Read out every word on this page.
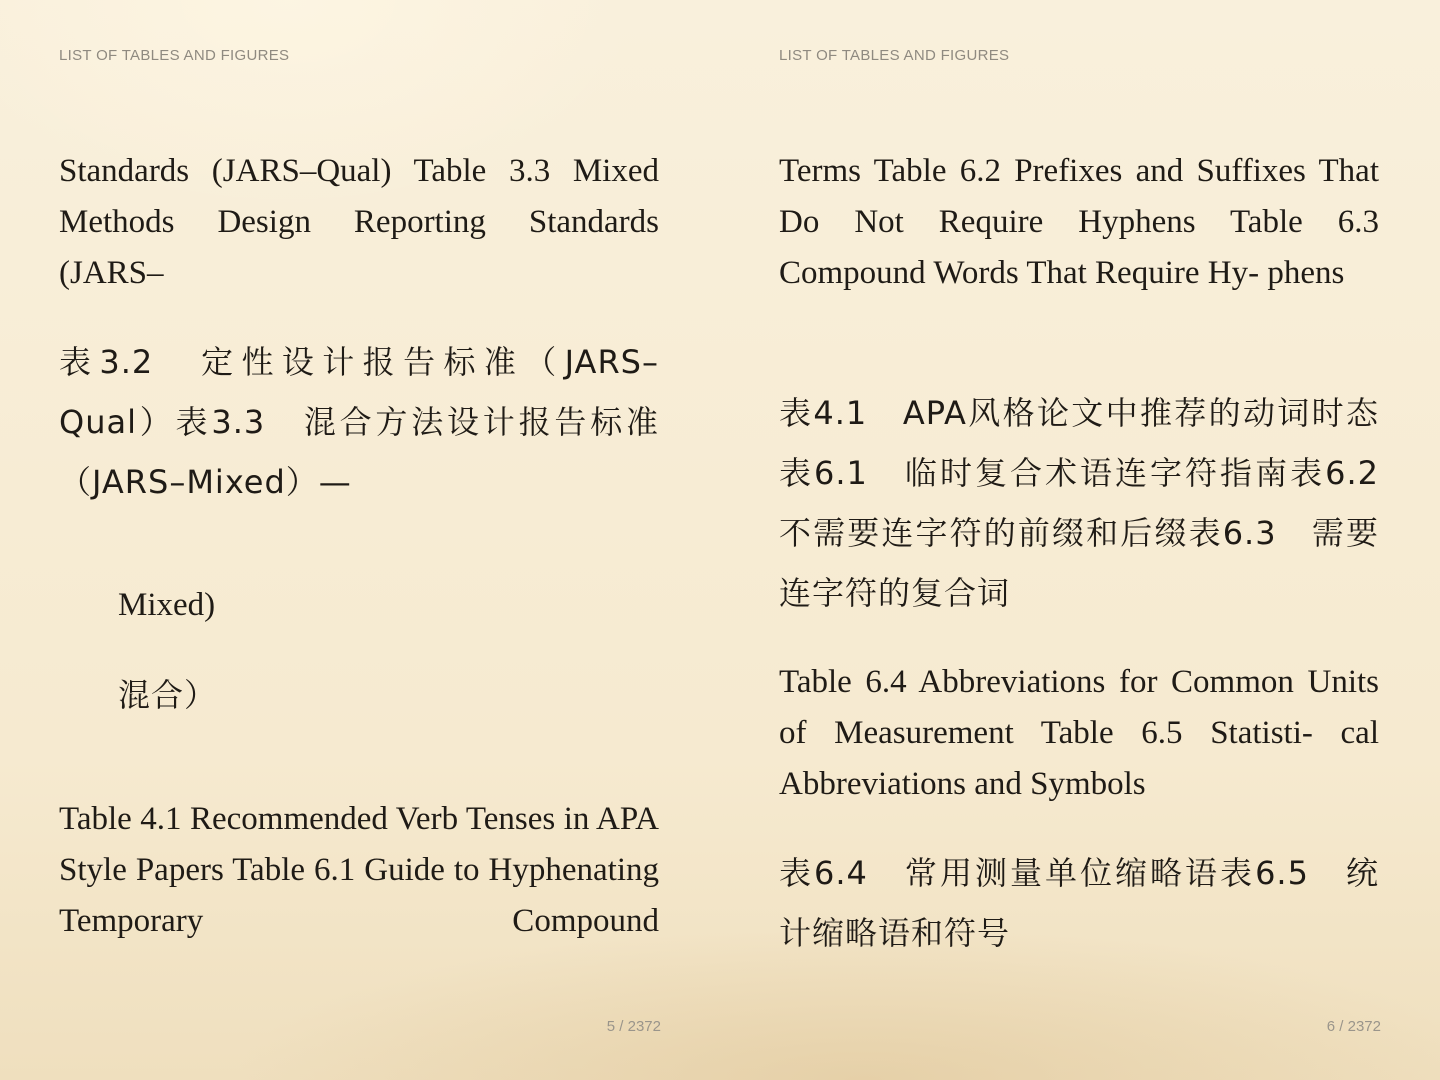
LIST OF TABLES AND FIGURES

Standards (JARS–Qual) Table 3.3 Mixed Methods Design Reporting Standards (JARS–

表3.2　定性设计报告标准（JARS–Qual）表3.3　混合方法设计报告标准（JARS–Mixed）—

Mixed)

混合）

Table 4.1 Recommended Verb Tenses in APA Style Papers Table 6.1 Guide to Hyphenating Temporary Compound

5 / 2372
LIST OF TABLES AND FIGURES

Terms Table 6.2 Prefixes and Suffixes That Do Not Require Hyphens Table 6.3 Compound Words That Require Hy- phens

表4.1　APA风格论文中推荐的动词时态表6.1　临时复合术语连字符指南表6.2　不需要连字符的前缀和后缀表6.3　需要连字符的复合词

Table 6.4 Abbreviations for Common Units of Measurement Table 6.5 Statisti- cal Abbreviations and Symbols

表6.4　常用测量单位缩略语表6.5　统计缩略语和符号

6 / 2372
